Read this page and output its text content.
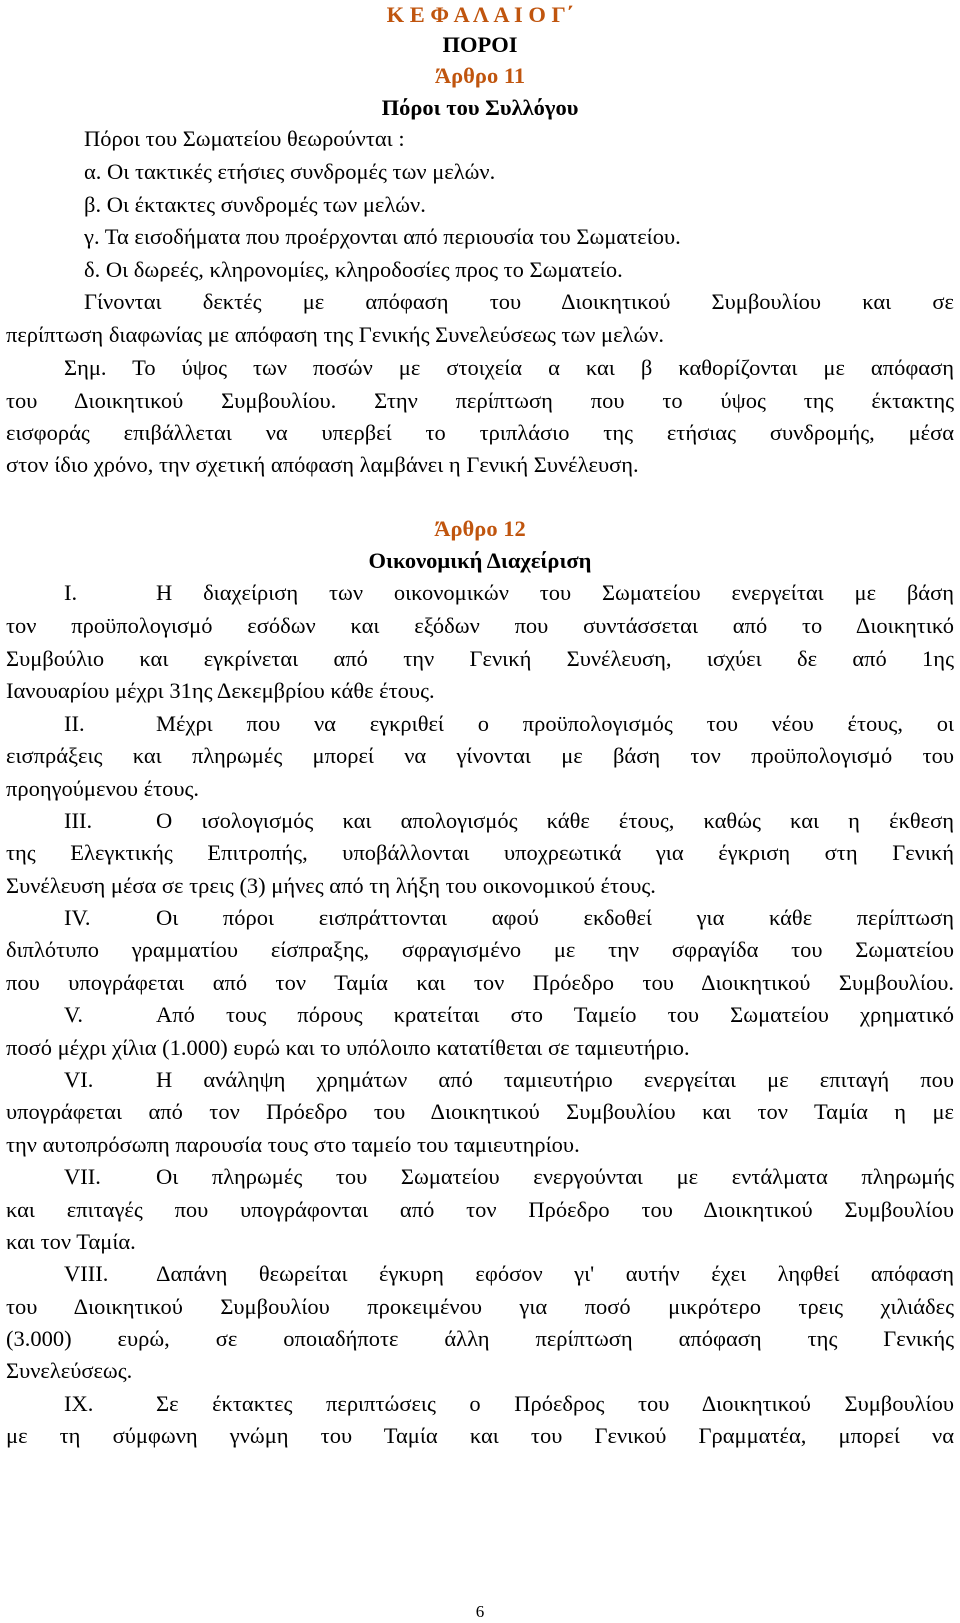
Κ Ε Φ Α Λ Α Ι Ο Γ΄
ΠΟΡΟΙ
Άρθρο 11
Πόροι του Συλλόγου
Πόροι του Σωματείου θεωρούνται :
α. Οι τακτικές ετήσιες συνδρομές των μελών.
β. Οι έκτακτες συνδρομές των μελών.
γ. Τα εισοδήματα που προέρχονται από περιουσία του Σωματείου.
δ. Οι δωρεές, κληρονομίες, κληροδοσίες προς το Σωματείο.
Γίνονται δεκτές με απόφαση του Διοικητικού Συμβουλίου και σε
περίπτωση διαφωνίας με απόφαση της Γενικής Συνελεύσεως των μελών.
Σημ. Το ύψος των ποσών με στοιχεία α και β καθορίζονται με απόφαση
του Διοικητικού Συμβουλίου. Στην περίπτωση που το ύψος της έκτακτης
εισφοράς επιβάλλεται να υπερβεί το τριπλάσιο της ετήσιας συνδρομής, μέσα
στον ίδιο χρόνο, την σχετική απόφαση λαμβάνει η Γενική Συνέλευση.
Άρθρο 12
Οικονομική Διαχείριση
Ι.	Η διαχείριση των οικονομικών του Σωματείου ενεργείται με βάση
τον προϋπολογισμό εσόδων και εξόδων που συντάσσεται από το Διοικητικό
Συμβούλιο και εγκρίνεται από την Γενική Συνέλευση, ισχύει δε από 1ης
Ιανουαρίου μέχρι 31ης Δεκεμβρίου κάθε έτους.
ΙΙ.	Μέχρι που να εγκριθεί ο προϋπολογισμός του νέου έτους, οι
εισπράξεις και πληρωμές μπορεί να γίνονται με βάση τον προϋπολογισμό του
προηγούμενου έτους.
ΙΙΙ.	Ο ισολογισμός και απολογισμός κάθε έτους, καθώς και η έκθεση
της Ελεγκτικής Επιτροπής, υποβάλλονται υποχρεωτικά για έγκριση στη Γενική
Συνέλευση μέσα σε τρεις (3) μήνες από τη λήξη του οικονομικού έτους.
IV.	Οι πόροι εισπράττονται αφού εκδοθεί για κάθε περίπτωση
διπλότυπο γραμματίου είσπραξης, σφραγισμένο με την σφραγίδα του Σωματείου
που υπογράφεται από τον Ταμία και τον Πρόεδρο του Διοικητικού Συμβουλίου.
V.	Από τους πόρους κρατείται στο Ταμείο του Σωματείου χρηματικό
ποσό μέχρι χίλια (1.000) ευρώ και το υπόλοιπο κατατίθεται σε ταμιευτήριο.
VI.	Η ανάληψη χρημάτων από ταμιευτήριο ενεργείται με επιταγή που
υπογράφεται από τον Πρόεδρο του Διοικητικού Συμβουλίου και τον Ταμία η με
την αυτοπρόσωπη παρουσία τους στο ταμείο του ταμιευτηρίου.
VII. Οι πληρωμές του Σωματείου ενεργούνται με εντάλματα πληρωμής
και επιταγές που υπογράφονται από τον Πρόεδρο του Διοικητικού Συμβουλίου
και τον Ταμία.
VIII. Δαπάνη θεωρείται έγκυρη εφόσον γι' αυτήν έχει ληφθεί απόφαση
του Διοικητικού Συμβουλίου προκειμένου για ποσό μικρότερο τρεις χιλιάδες
(3.000) ευρώ, σε οποιαδήποτε άλλη περίπτωση απόφαση της Γενικής
Συνελεύσεως.
IX.	Σε έκτακτες περιπτώσεις ο Πρόεδρος του Διοικητικού Συμβουλίου
με τη σύμφωνη γνώμη του Ταμία και του Γενικού Γραμματέα, μπορεί να
6
